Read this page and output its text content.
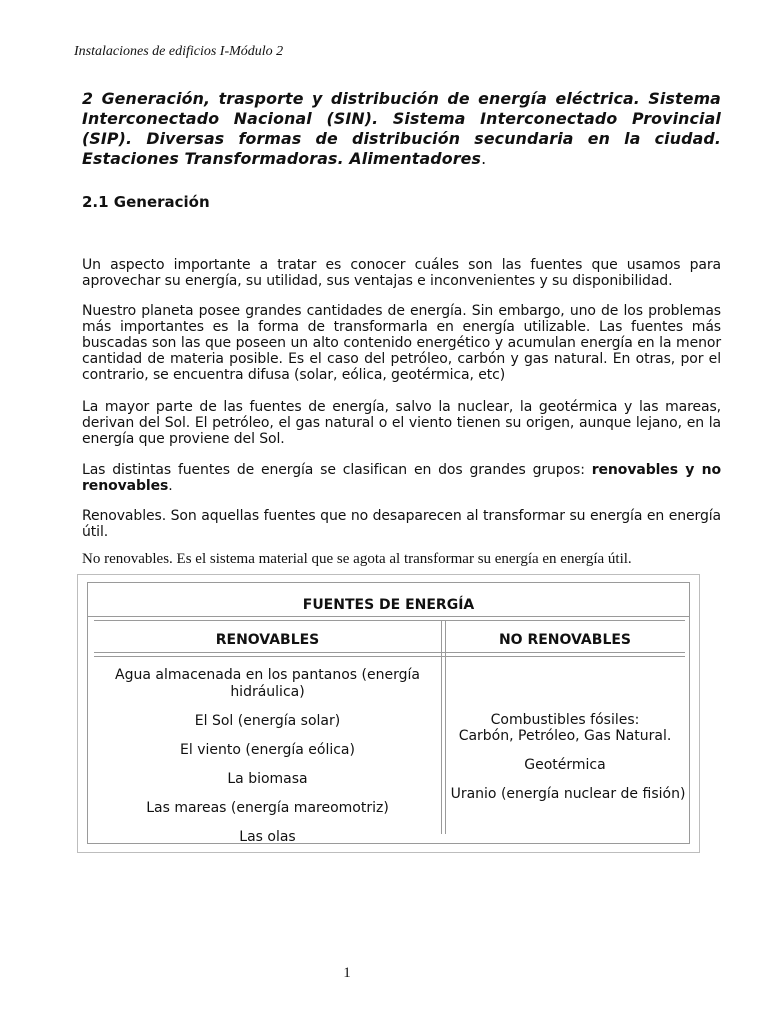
Instalaciones de edificios I-Módulo 2

2 Generación, trasporte y distribución de energía eléctrica. Sistema Interconectado Nacional (SIN). Sistema Interconectado Provincial (SIP). Diversas formas de distribución secundaria en la ciudad. Estaciones Transformadoras. Alimentadores.

2.1 Generación

Un aspecto importante a tratar es conocer cuáles son las fuentes que usamos para aprovechar su energía, su utilidad, sus ventajas e inconvenientes y su disponibilidad.

Nuestro planeta posee grandes cantidades de energía. Sin embargo, uno de los problemas más importantes es la forma de transformarla en energía utilizable. Las fuentes más buscadas son las que poseen un alto contenido energético y acumulan energía en la menor cantidad de materia posible. Es el caso del petróleo, carbón y gas natural. En otras, por el contrario, se encuentra difusa (solar, eólica, geotérmica, etc)

La mayor parte de las fuentes de energía, salvo la nuclear, la geotérmica y las mareas, derivan del Sol. El petróleo, el gas natural o el viento tienen su origen, aunque lejano, en la energía que proviene del Sol.

Las distintas fuentes de energía se clasifican en dos grandes grupos: renovables y no renovables.

Renovables. Son aquellas fuentes que no desaparecen al transformar su energía en energía útil.

No renovables. Es el sistema material que se agota al transformar su energía en energía útil.

FUENTES DE ENERGÍA
RENOVABLES	NO RENOVABLES
Agua almacenada en los pantanos (energía hidráulica)
El Sol (energía solar)
El viento (energía eólica)
La biomasa
Las mareas (energía mareomotriz)
Las olas
Combustibles fósiles:
Carbón, Petróleo, Gas Natural.
Geotérmica
Uranio (energía nuclear de fisión)
1
